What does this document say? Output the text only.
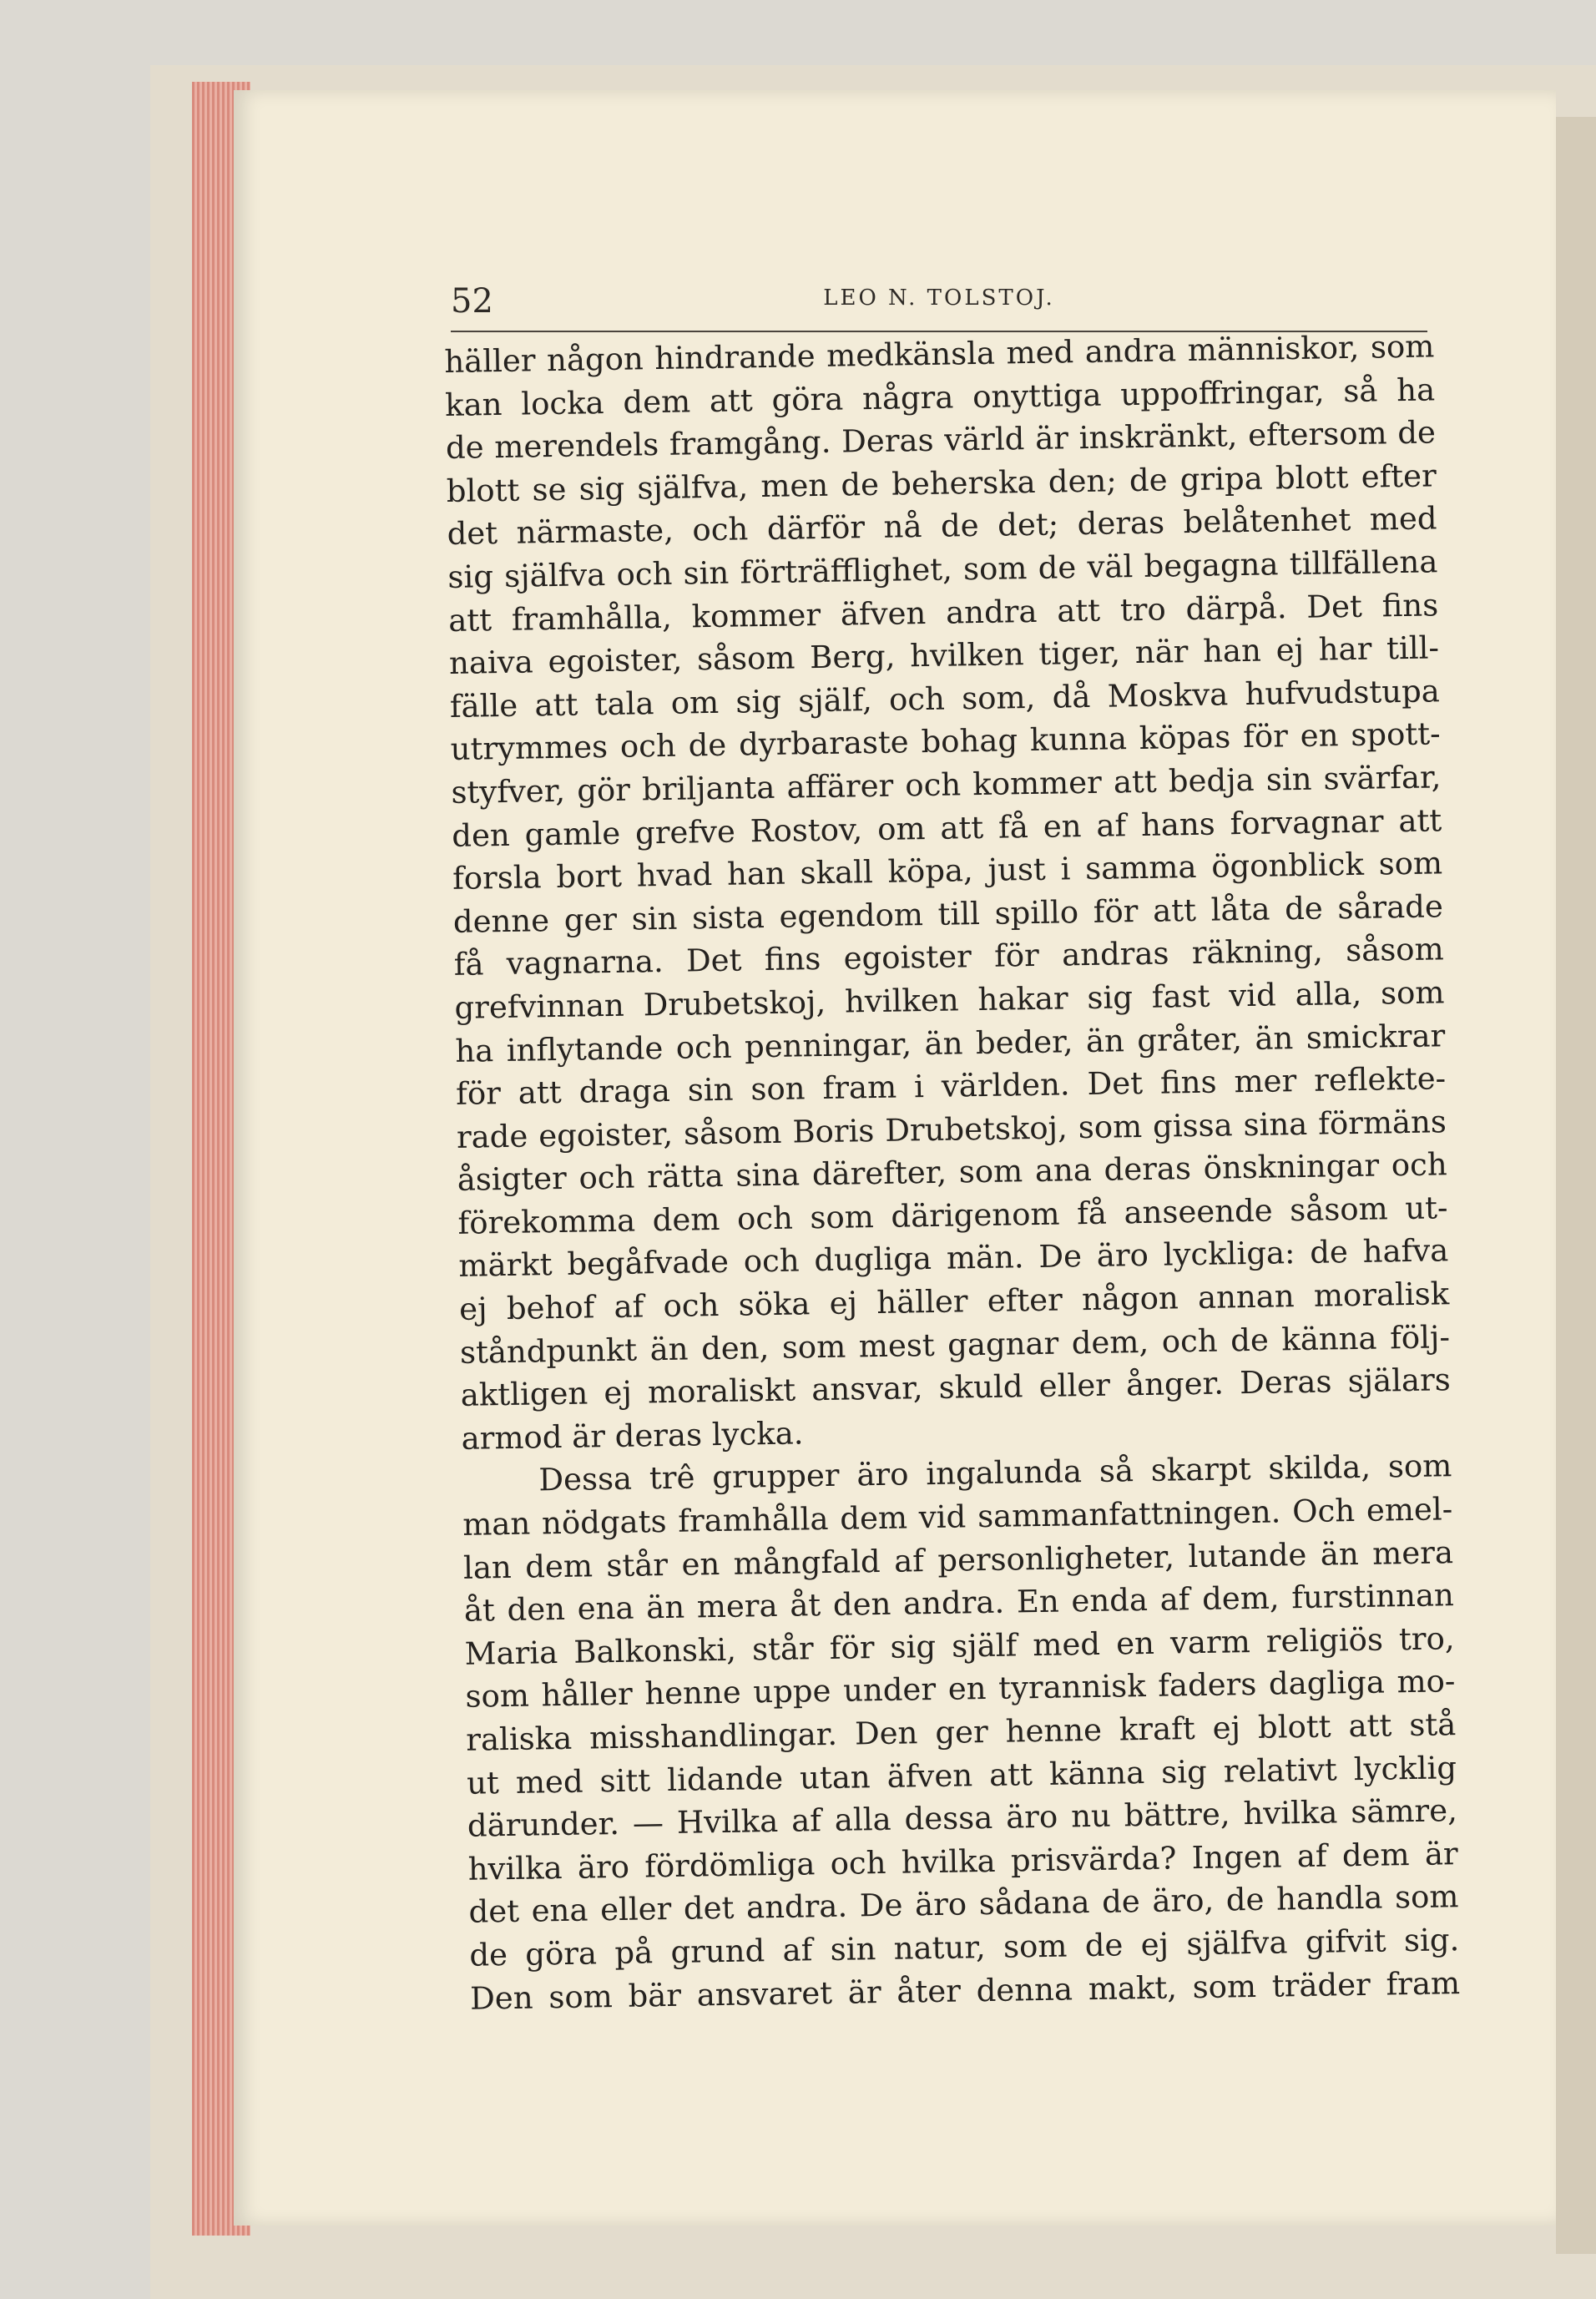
52	LEO N. TOLSTOJ.
häller någon hindrande medkänsla med andra människor, som
kan locka dem att göra några onyttiga uppoffringar, så ha
de merendels framgång. Deras värld är inskränkt, eftersom de
blott se sig själfva, men de beherska den; de gripa blott efter
det närmaste, och därför nå de det; deras belåtenhet med
sig själfva och sin förträfflighet, som de väl begagna tillfällena
att framhålla, kommer äfven andra att tro därpå. Det fins
naiva egoister, såsom Berg, hvilken tiger, när han ej har till-
fälle att tala om sig själf, och som, då Moskva hufvudstupa
utrymmes och de dyrbaraste bohag kunna köpas för en spott-
styfver, gör briljanta affärer och kommer att bedja sin svärfar,
den gamle grefve Rostov, om att få en af hans forvagnar att
forsla bort hvad han skall köpa, just i samma ögonblick som
denne ger sin sista egendom till spillo för att låta de sårade
få vagnarna. Det fins egoister för andras räkning, såsom
grefvinnan Drubetskoj, hvilken hakar sig fast vid alla, som
ha inflytande och penningar, än beder, än gråter, än smickrar
för att draga sin son fram i världen. Det fins mer reflekte-
rade egoister, såsom Boris Drubetskoj, som gissa sina förmäns
åsigter och rätta sina därefter, som ana deras önskningar och
förekomma dem och som därigenom få anseende såsom ut-
märkt begåfvade och dugliga män. De äro lyckliga: de hafva
ej behof af och söka ej häller efter någon annan moralisk
ståndpunkt än den, som mest gagnar dem, och de känna följ-
aktligen ej moraliskt ansvar, skuld eller ånger. Deras själars
armod är deras lycka.
Dessa trê grupper äro ingalunda så skarpt skilda, som
man nödgats framhålla dem vid sammanfattningen. Och emel-
lan dem står en mångfald af personligheter, lutande än mera
åt den ena än mera åt den andra. En enda af dem, furstinnan
Maria Balkonski, står för sig själf med en varm religiös tro,
som håller henne uppe under en tyrannisk faders dagliga mo-
raliska misshandlingar. Den ger henne kraft ej blott att stå
ut med sitt lidande utan äfven att känna sig relativt lycklig
därunder. — Hvilka af alla dessa äro nu bättre, hvilka sämre,
hvilka äro fördömliga och hvilka prisvärda? Ingen af dem är
det ena eller det andra. De äro sådana de äro, de handla som
de göra på grund af sin natur, som de ej själfva gifvit sig.
Den som bär ansvaret är åter denna makt, som träder fram
